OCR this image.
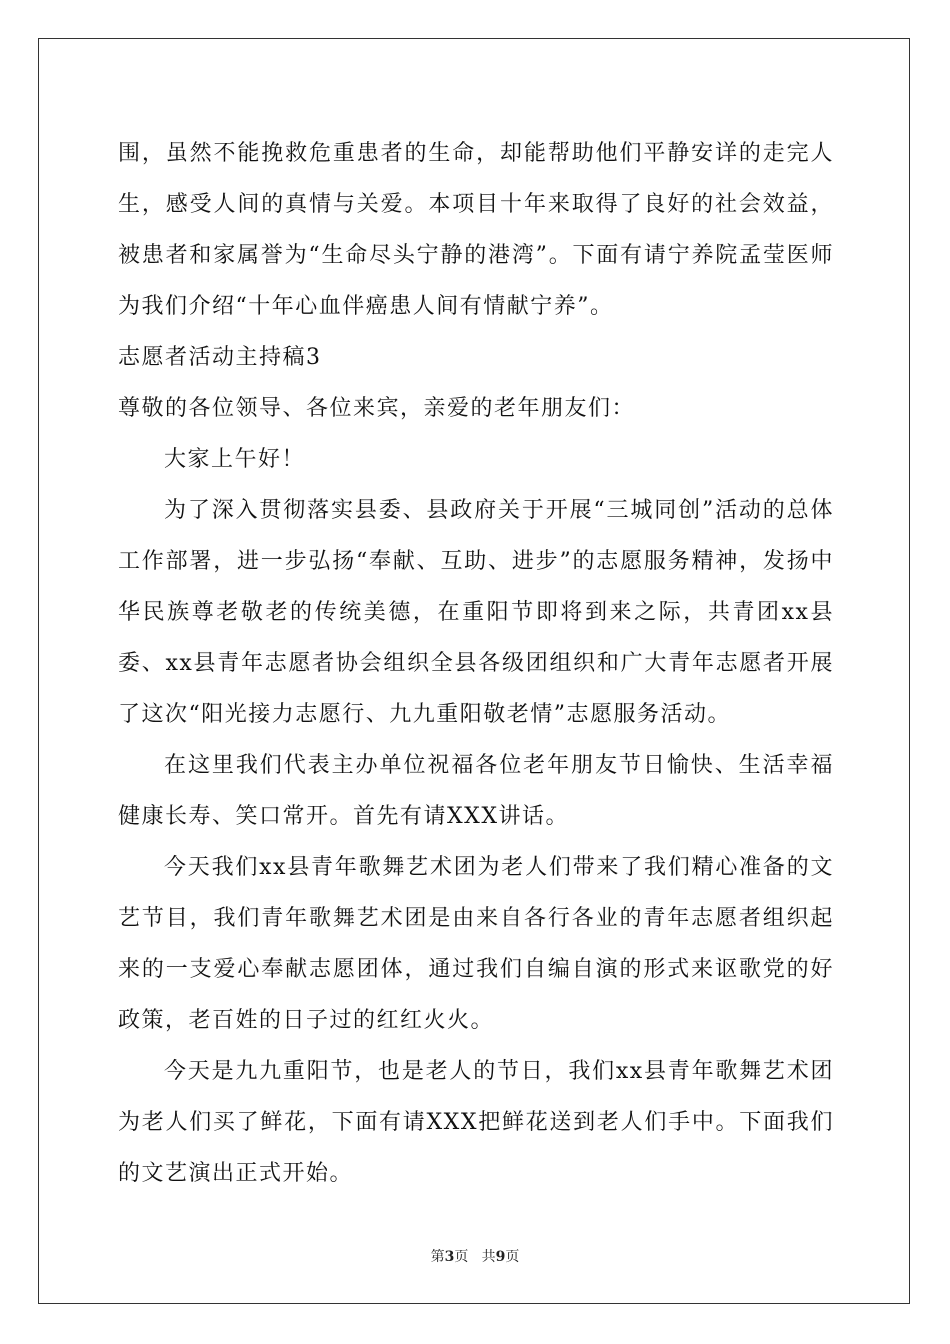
围，虽然不能挽救危重患者的生命，却能帮助他们平静安详的走完人生，感受人间的真情与关爱。本项目十年来取得了良好的社会效益，被患者和家属誉为“生命尽头宁静的港湾”。下面有请宁养院孟莹医师为我们介绍“十年心血伴癌患人间有情献宁养”。

志愿者活动主持稿3

尊敬的各位领导、各位来宾，亲爱的老年朋友们：

大家上午好！

为了深入贯彻落实县委、县政府关于开展“三城同创”活动的总体工作部署，进一步弘扬“奉献、互助、进步”的志愿服务精神，发扬中华民族尊老敬老的传统美德，在重阳节即将到来之际，共青团xx县委、xx县青年志愿者协会组织全县各级团组织和广大青年志愿者开展了这次“阳光接力志愿行、九九重阳敬老情”志愿服务活动。

在这里我们代表主办单位祝福各位老年朋友节日愉快、生活幸福健康长寿、笑口常开。首先有请XXX讲话。

今天我们xx县青年歌舞艺术团为老人们带来了我们精心准备的文艺节目，我们青年歌舞艺术团是由来自各行各业的青年志愿者组织起来的一支爱心奉献志愿团体，通过我们自编自演的形式来讴歌党的好政策，老百姓的日子过的红红火火。

今天是九九重阳节，也是老人的节日，我们xx县青年歌舞艺术团为老人们买了鲜花，下面有请XXX把鲜花送到老人们手中。下面我们的文艺演出正式开始。

第3页 共9页
